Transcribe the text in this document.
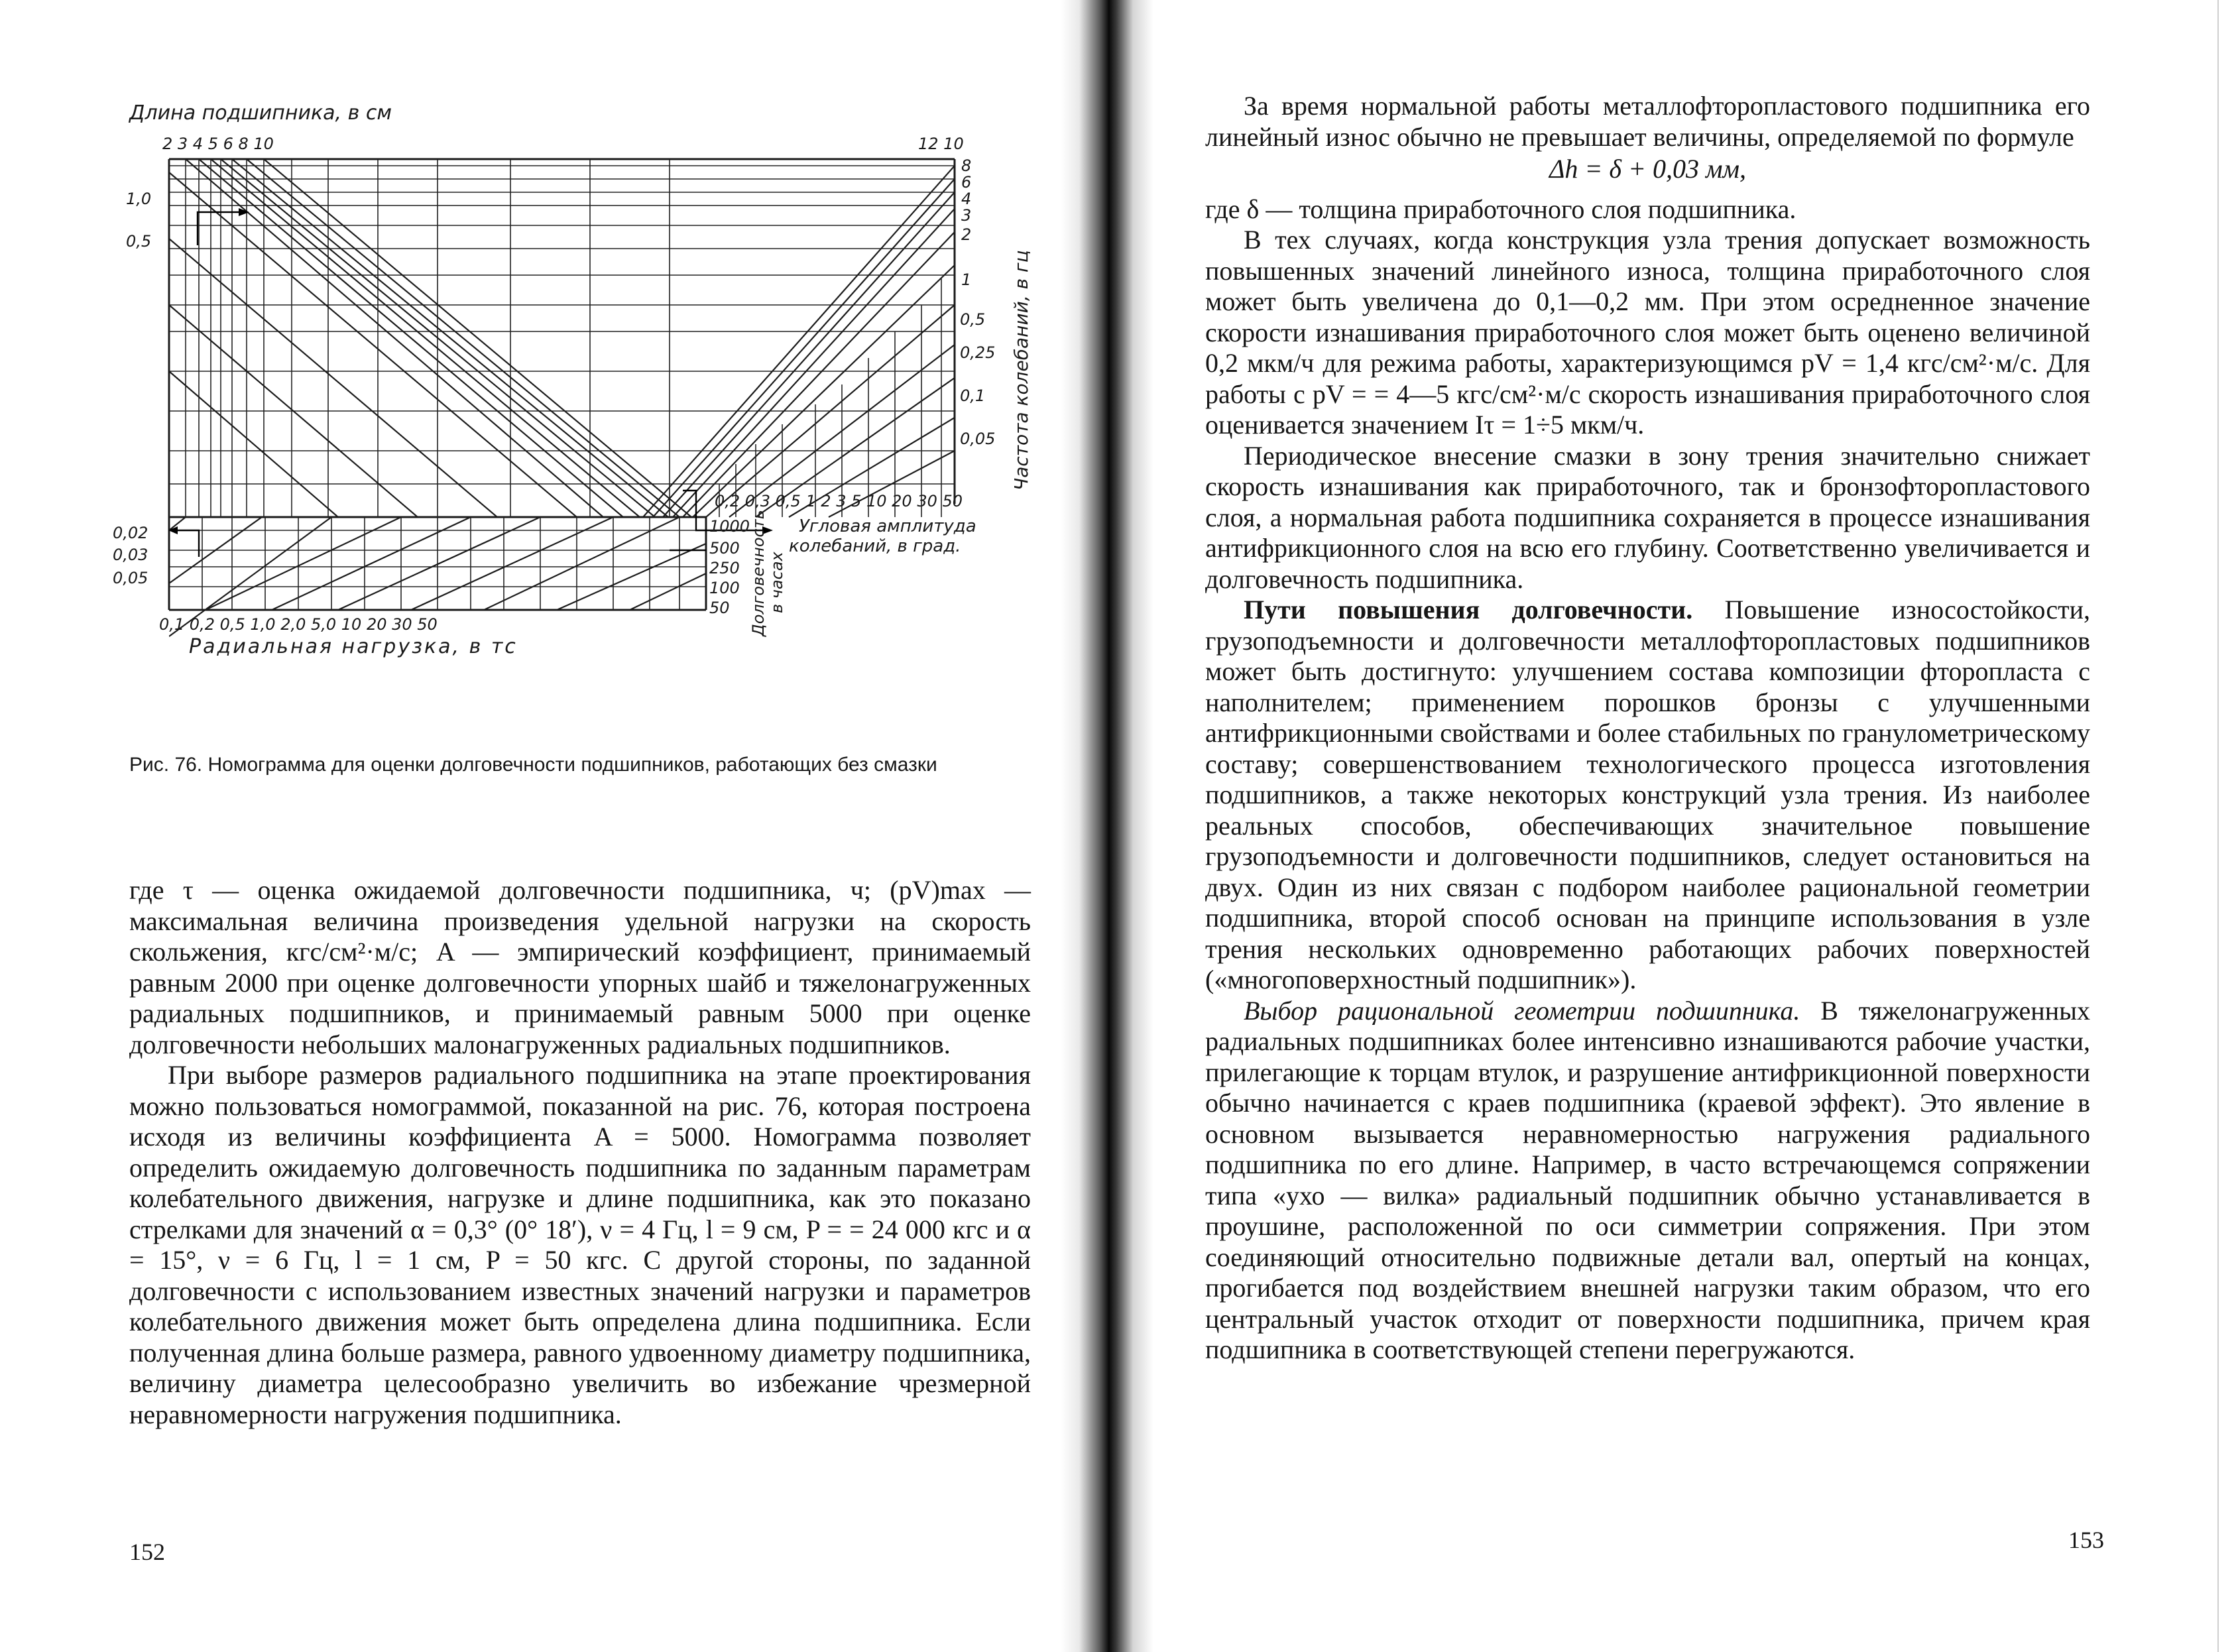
Длина подшипника, в см
2 3 4 5 6 8 10	12 10
1,0
0,5
0,02
0,03
0,05
8
6
4
3
2
1
0,5
0,25
0,1
0,05 Частота колебаний, в гц
0,2 0,3 0,5 1 2 3 5 10 20 30 50
Угловая амплитуда
колебаний, в град.
1000
500
250
100
50 Долговечность в часах
0,1 0,2 0,5 1,0 2,0 5,0 10 20 30 50
Радиальная нагрузка, в тс
Рис. 76. Номограмма для оценки долговечности подшипников, работающих без смазки

где τ — оценка ожидаемой долговечности подшипника, ч; (pV)max — максимальная величина произведения удельной нагрузки на скорость скольжения, кгс/см²·м/с; A — эмпирический коэффициент, принимаемый равным 2000 при оценке долговечности упорных шайб и тяжелонагруженных радиальных подшипников, и принимаемый равным 5000 при оценке долговечности небольших малонагруженных радиальных подшипников.

При выборе размеров радиального подшипника на этапе проектирования можно пользоваться номограммой, показанной на рис. 76, которая построена исходя из величины коэффициента A = 5000. Номограмма позволяет определить ожидаемую долговечность подшипника по заданным параметрам колебательного движения, нагрузке и длине подшипника, как это показано стрелками для значений α = 0,3° (0° 18′), ν = 4 Гц, l = 9 см, P = = 24 000 кгс и α = 15°, ν = 6 Гц, l = 1 см, P = 50 кгс. С другой стороны, по заданной долговечности с использованием известных значений нагрузки и параметров колебательного движения может быть определена длина подшипника. Если полученная длина больше размера, равного удвоенному диаметру подшипника, величину диаметра целесообразно увеличить во избежание чрезмерной неравномерности нагружения подшипника.

152

За время нормальной работы металлофторопластового подшипника его линейный износ обычно не превышает величины, определяемой по формуле

Δh = δ + 0,03 мм,

где δ — толщина приработочного слоя подшипника.

В тех случаях, когда конструкция узла трения допускает возможность повышенных значений линейного износа, толщина приработочного слоя может быть увеличена до 0,1—0,2 мм. При этом осредненное значение скорости изнашивания приработочного слоя может быть оценено величиной 0,2 мкм/ч для режима работы, характеризующимся pV = 1,4 кгс/см²·м/с. Для работы с pV = = 4—5 кгс/см²·м/с скорость изнашивания приработочного слоя оценивается значением Iτ = 1÷5 мкм/ч.

Периодическое внесение смазки в зону трения значительно снижает скорость изнашивания как приработочного, так и бронзофторопластового слоя, а нормальная работа подшипника сохраняется в процессе изнашивания антифрикционного слоя на всю его глубину. Соответственно увеличивается и долговечность подшипника.

Пути повышения долговечности. Повышение износостойкости, грузоподъемности и долговечности металлофторопластовых подшипников может быть достигнуто: улучшением состава композиции фторопласта с наполнителем; применением порошков бронзы с улучшенными антифрикционными свойствами и более стабильных по гранулометрическому составу; совершенствованием технологического процесса изготовления подшипников, а также некоторых конструкций узла трения. Из наиболее реальных способов, обеспечивающих значительное повышение грузоподъемности и долговечности подшипников, следует остановиться на двух. Один из них связан с подбором наиболее рациональной геометрии подшипника, второй способ основан на принципе использования в узле трения нескольких одновременно работающих рабочих поверхностей («многоповерхностный подшипник»).

Выбор рациональной геометрии подшипника. В тяжелонагруженных радиальных подшипниках более интенсивно изнашиваются рабочие участки, прилегающие к торцам втулок, и разрушение антифрикционной поверхности обычно начинается с краев подшипника (краевой эффект). Это явление в основном вызывается неравномерностью нагружения радиального подшипника по его длине. Например, в часто встречающемся сопряжении типа «ухо — вилка» радиальный подшипник обычно устанавливается в проушине, расположенной по оси симметрии сопряжения. При этом соединяющий относительно подвижные детали вал, опертый на концах, прогибается под воздействием внешней нагрузки таким образом, что его центральный участок отходит от поверхности подшипника, причем края подшипника в соответствующей степени перегружаются.

153
